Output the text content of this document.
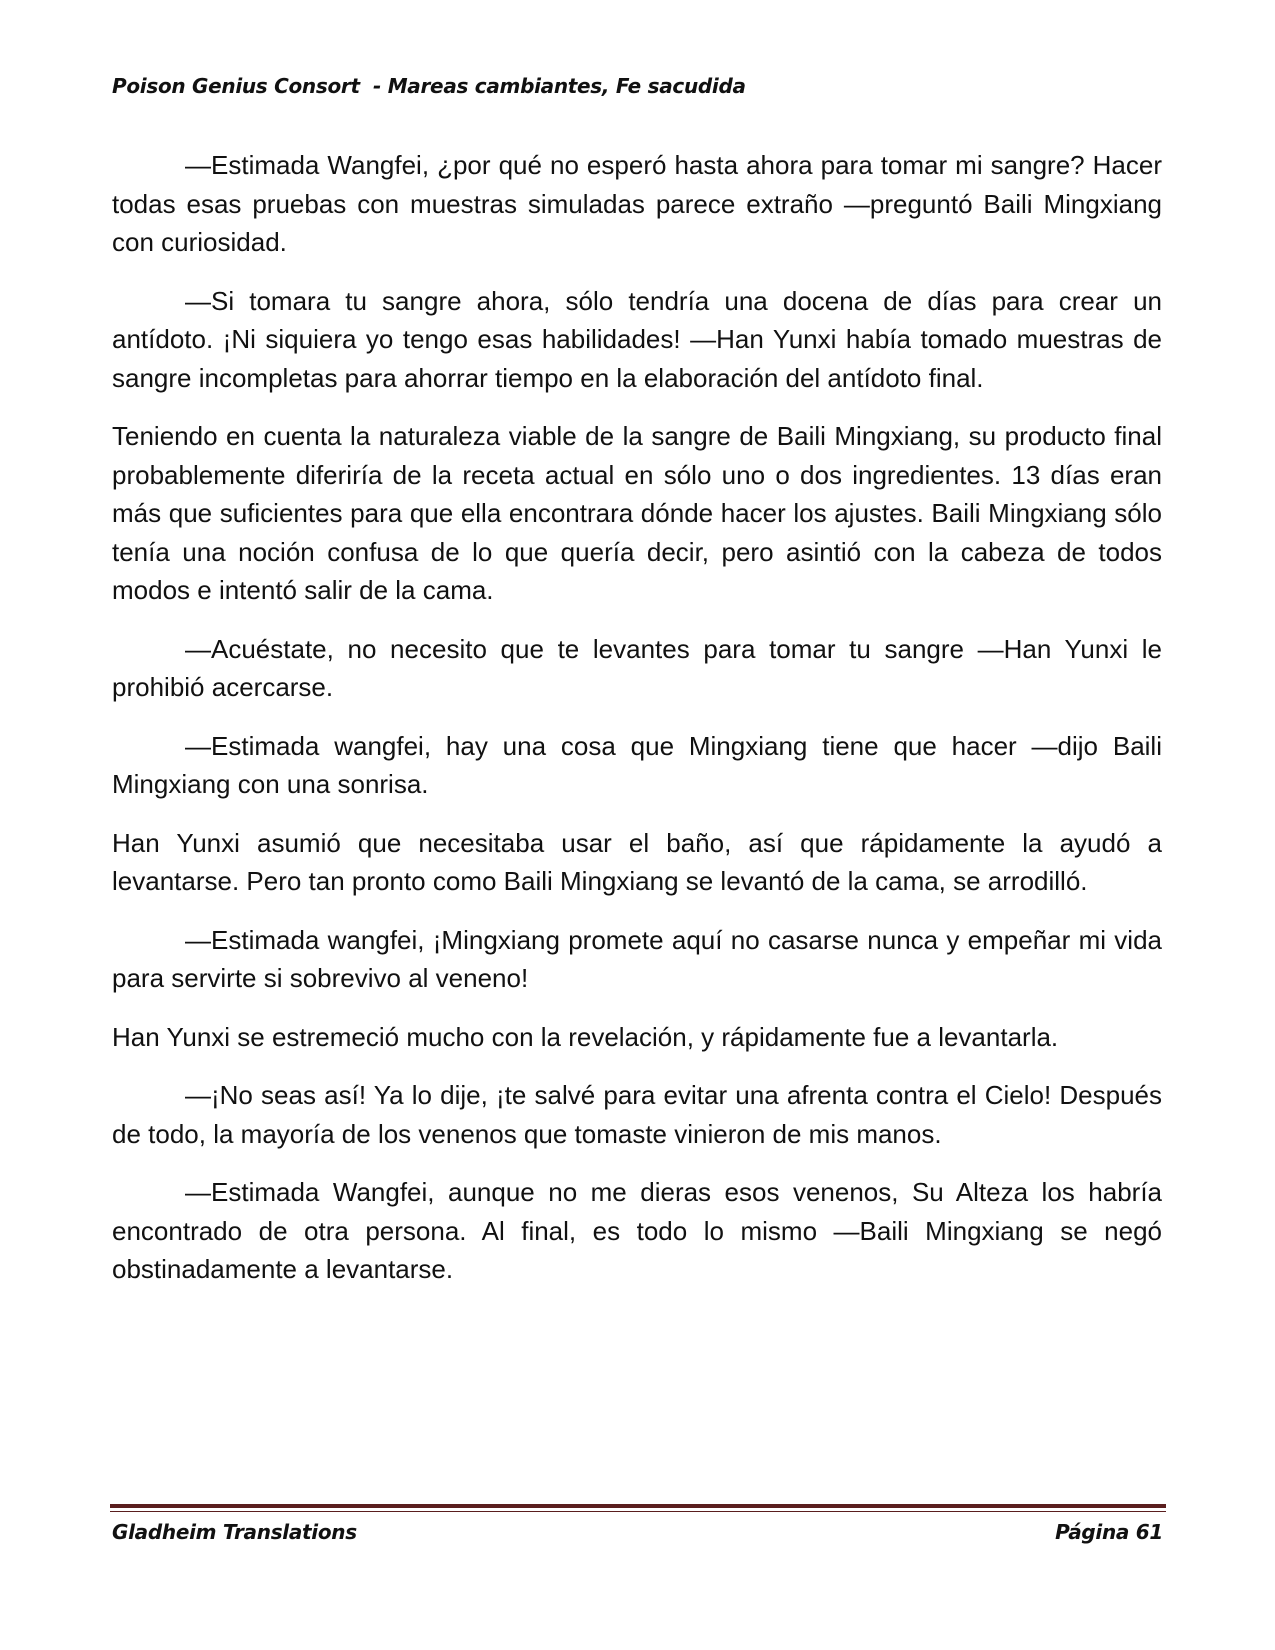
Poison Genius Consort  - Mareas cambiantes, Fe sacudida

—Estimada Wangfei, ¿por qué no esperó hasta ahora para tomar mi sangre? Hacer todas esas pruebas con muestras simuladas parece extraño —preguntó Baili Mingxiang con curiosidad.

—Si tomara tu sangre ahora, sólo tendría una docena de días para crear un antídoto. ¡Ni siquiera yo tengo esas habilidades! —Han Yunxi había tomado muestras de sangre incompletas para ahorrar tiempo en la elaboración del antídoto final.

Teniendo en cuenta la naturaleza viable de la sangre de Baili Mingxiang, su producto final probablemente diferiría de la receta actual en sólo uno o dos ingredientes. 13 días eran más que suficientes para que ella encontrara dónde hacer los ajustes. Baili Mingxiang sólo tenía una noción confusa de lo que quería decir, pero asintió con la cabeza de todos modos e intentó salir de la cama.

—Acuéstate, no necesito que te levantes para tomar tu sangre —Han Yunxi le prohibió acercarse.

—Estimada wangfei, hay una cosa que Mingxiang tiene que hacer —dijo Baili Mingxiang con una sonrisa.

Han Yunxi asumió que necesitaba usar el baño, así que rápidamente la ayudó a levantarse. Pero tan pronto como Baili Mingxiang se levantó de la cama, se arrodilló.

—Estimada wangfei, ¡Mingxiang promete aquí no casarse nunca y empeñar mi vida para servirte si sobrevivo al veneno!

Han Yunxi se estremeció mucho con la revelación, y rápidamente fue a levantarla.

—¡No seas así! Ya lo dije, ¡te salvé para evitar una afrenta contra el Cielo! Después de todo, la mayoría de los venenos que tomaste vinieron de mis manos.

—Estimada Wangfei, aunque no me dieras esos venenos, Su Alteza los habría encontrado de otra persona. Al final, es todo lo mismo —Baili Mingxiang se negó obstinadamente a levantarse.

Gladheim Translations	Página 61
